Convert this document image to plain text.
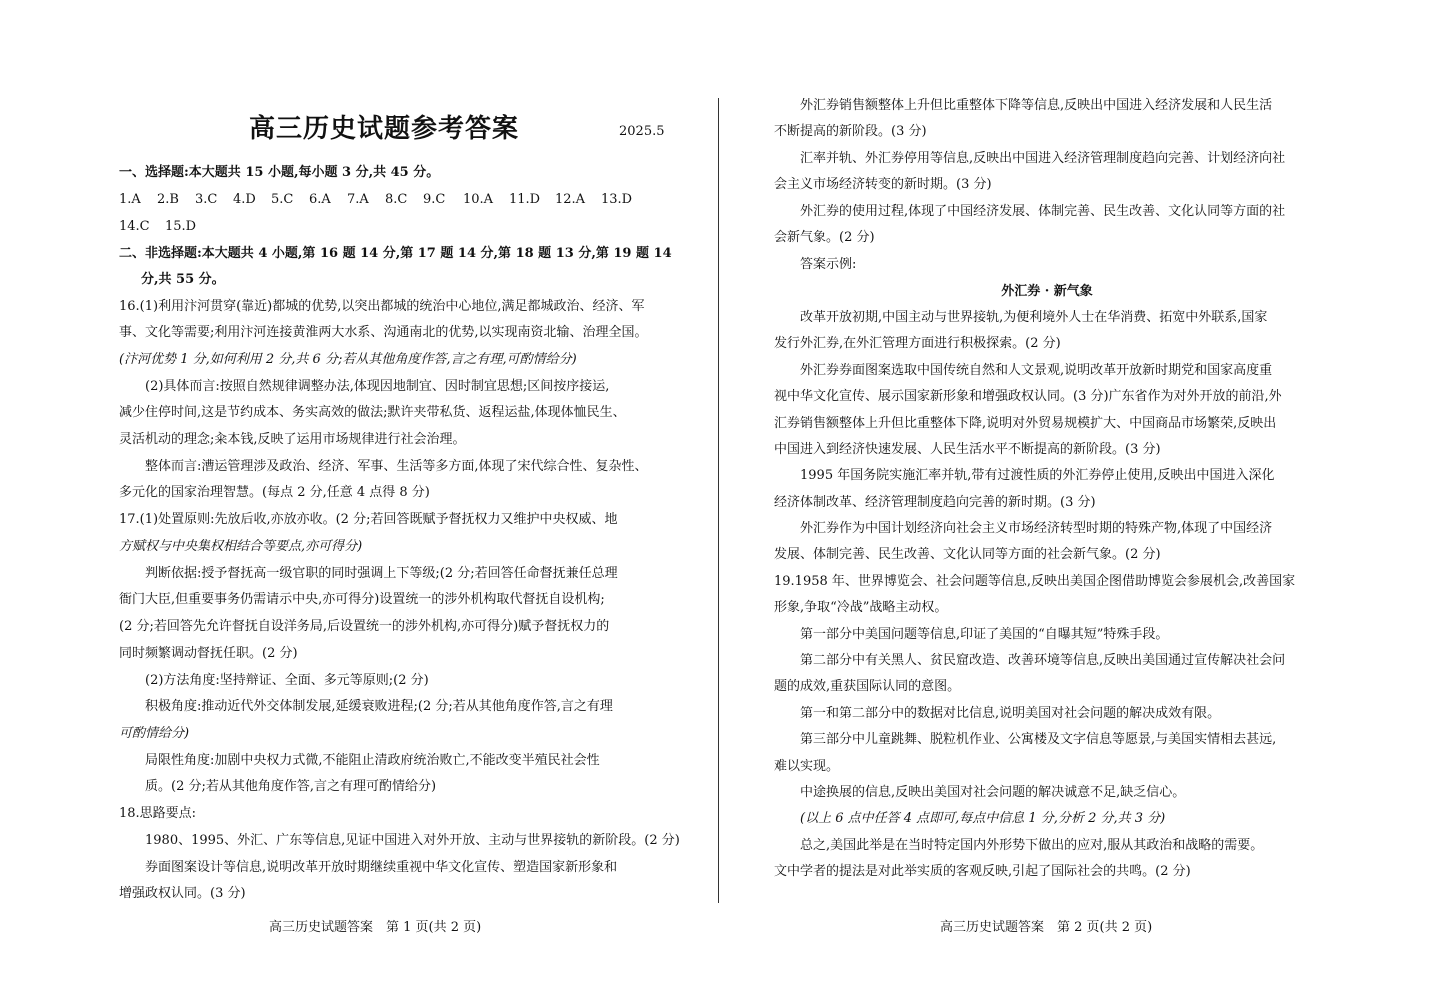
高三历史试题参考答案	2025.5
一、选择题:本大题共 15 小题,每小题 3 分,共 45 分。
1.A	2.B	3.C	4.D	5.C	6.A	7.A	8.C	9.C	10.A	11.D	12.A	13.D
14.C	15.D
二、非选择题:本大题共 4 小题,第 16 题 14 分,第 17 题 14 分,第 18 题 13 分,第 19 题 14
分,共 55 分。
16.(1)利用汴河贯穿(靠近)都城的优势,以突出都城的统治中心地位,满足都城政治、经济、军
事、文化等需要;利用汴河连接黄淮两大水系、沟通南北的优势,以实现南资北输、治理全国。
(汴河优势 1 分,如何利用 2 分,共 6 分;若从其他角度作答,言之有理,可酌情给分)
(2)具体而言:按照自然规律调整办法,体现因地制宜、因时制宜思想;区间按序接运,
减少住停时间,这是节约成本、务实高效的做法;默许夹带私货、返程运盐,体现体恤民生、
灵活机动的理念;籴本钱,反映了运用市场规律进行社会治理。
整体而言:漕运管理涉及政治、经济、军事、生活等多方面,体现了宋代综合性、复杂性、
多元化的国家治理智慧。(每点 2 分,任意 4 点得 8 分)
17.(1)处置原则:先放后收,亦放亦收。(2 分;若回答既赋予督抚权力又维护中央权威、地
方赋权与中央集权相结合等要点,亦可得分)
判断依据:授予督抚高一级官职的同时强调上下等级;(2 分;若回答任命督抚兼任总理
衙门大臣,但重要事务仍需请示中央,亦可得分)设置统一的涉外机构取代督抚自设机构;
(2 分;若回答先允许督抚自设洋务局,后设置统一的涉外机构,亦可得分)赋予督抚权力的
同时频繁调动督抚任职。(2 分)
(2)方法角度:坚持辩证、全面、多元等原则;(2 分)
积极角度:推动近代外交体制发展,延缓衰败进程;(2 分;若从其他角度作答,言之有理
可酌情给分)
局限性角度:加剧中央权力式微,不能阻止清政府统治败亡,不能改变半殖民社会性
质。(2 分;若从其他角度作答,言之有理可酌情给分)
18.思路要点:
1980、1995、外汇、广东等信息,见证中国进入对外开放、主动与世界接轨的新阶段。(2 分)
券面图案设计等信息,说明改革开放时期继续重视中华文化宣传、塑造国家新形象和
增强政权认同。(3 分)
高三历史试题答案　第 1 页(共 2 页)
外汇券销售额整体上升但比重整体下降等信息,反映出中国进入经济发展和人民生活
不断提高的新阶段。(3 分)
汇率并轨、外汇券停用等信息,反映出中国进入经济管理制度趋向完善、计划经济向社
会主义市场经济转变的新时期。(3 分)
外汇券的使用过程,体现了中国经济发展、体制完善、民生改善、文化认同等方面的社
会新气象。(2 分)
答案示例:
外汇券 · 新气象
改革开放初期,中国主动与世界接轨,为便利境外人士在华消费、拓宽中外联系,国家
发行外汇券,在外汇管理方面进行积极探索。(2 分)
外汇券券面图案选取中国传统自然和人文景观,说明改革开放新时期党和国家高度重
视中华文化宣传、展示国家新形象和增强政权认同。(3 分)广东省作为对外开放的前沿,外
汇券销售额整体上升但比重整体下降,说明对外贸易规模扩大、中国商品市场繁荣,反映出
中国进入到经济快速发展、人民生活水平不断提高的新阶段。(3 分)
1995 年国务院实施汇率并轨,带有过渡性质的外汇券停止使用,反映出中国进入深化
经济体制改革、经济管理制度趋向完善的新时期。(3 分)
外汇券作为中国计划经济向社会主义市场经济转型时期的特殊产物,体现了中国经济
发展、体制完善、民生改善、文化认同等方面的社会新气象。(2 分)
19.1958 年、世界博览会、社会问题等信息,反映出美国企图借助博览会参展机会,改善国家
形象,争取“冷战”战略主动权。
第一部分中美国问题等信息,印证了美国的“自曝其短”特殊手段。
第二部分中有关黑人、贫民窟改造、改善环境等信息,反映出美国通过宣传解决社会问
题的成效,重获国际认同的意图。
第一和第二部分中的数据对比信息,说明美国对社会问题的解决成效有限。
第三部分中儿童跳舞、脱粒机作业、公寓楼及文字信息等愿景,与美国实情相去甚远,
难以实现。
中途换展的信息,反映出美国对社会问题的解决诚意不足,缺乏信心。
(以上 6 点中任答 4 点即可,每点中信息 1 分,分析 2 分,共 3 分)
总之,美国此举是在当时特定国内外形势下做出的应对,服从其政治和战略的需要。
文中学者的提法是对此举实质的客观反映,引起了国际社会的共鸣。(2 分)
高三历史试题答案　第 2 页(共 2 页)
